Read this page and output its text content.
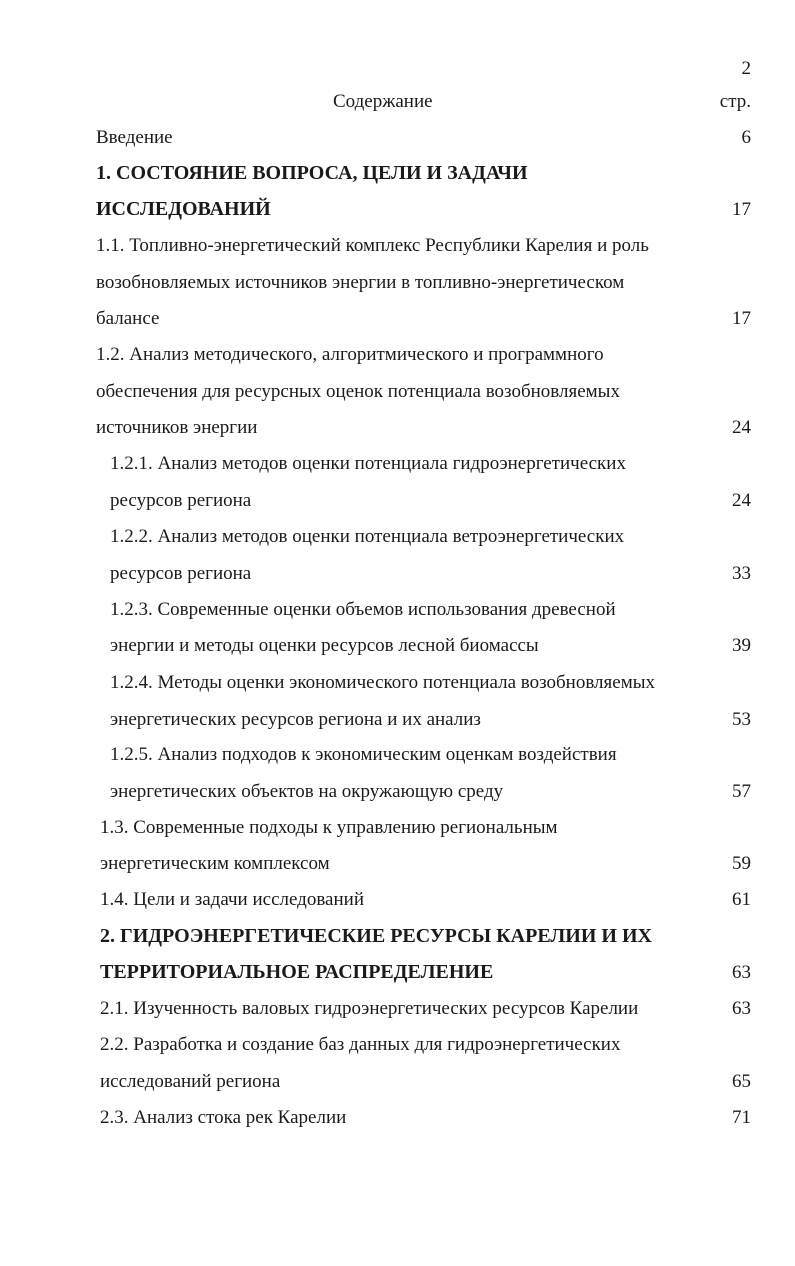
2
Содержание	стр.
Введение	6
1. СОСТОЯНИЕ ВОПРОСА, ЦЕЛИ И ЗАДАЧИ
ИССЛЕДОВАНИЙ	17
1.1. Топливно-энергетический комплекс Республики Карелия и роль
возобновляемых источников энергии в топливно-энергетическом
балансе	17
1.2. Анализ методического, алгоритмического и программного
обеспечения для ресурсных оценок потенциала возобновляемых
источников энергии	24
1.2.1. Анализ методов оценки потенциала гидроэнергетических
ресурсов региона	24
1.2.2. Анализ методов оценки потенциала ветроэнергетических
ресурсов региона	33
1.2.3. Современные оценки объемов использования древесной
энергии и методы оценки ресурсов лесной биомассы	39
1.2.4. Методы оценки экономического потенциала возобновляемых
энергетических ресурсов региона и их анализ	53
1.2.5. Анализ подходов к экономическим оценкам воздействия
энергетических объектов на окружающую среду	57
1.3. Современные подходы к управлению региональным
энергетическим комплексом	59
1.4. Цели и задачи исследований	61
2. ГИДРОЭНЕРГЕТИЧЕСКИЕ РЕСУРСЫ КАРЕЛИИ И ИХ
ТЕРРИТОРИАЛЬНОЕ РАСПРЕДЕЛЕНИЕ	63
2.1. Изученность валовых гидроэнергетических ресурсов Карелии	63
2.2. Разработка и создание баз данных для гидроэнергетических
исследований региона	65
2.3. Анализ стока рек Карелии	71
